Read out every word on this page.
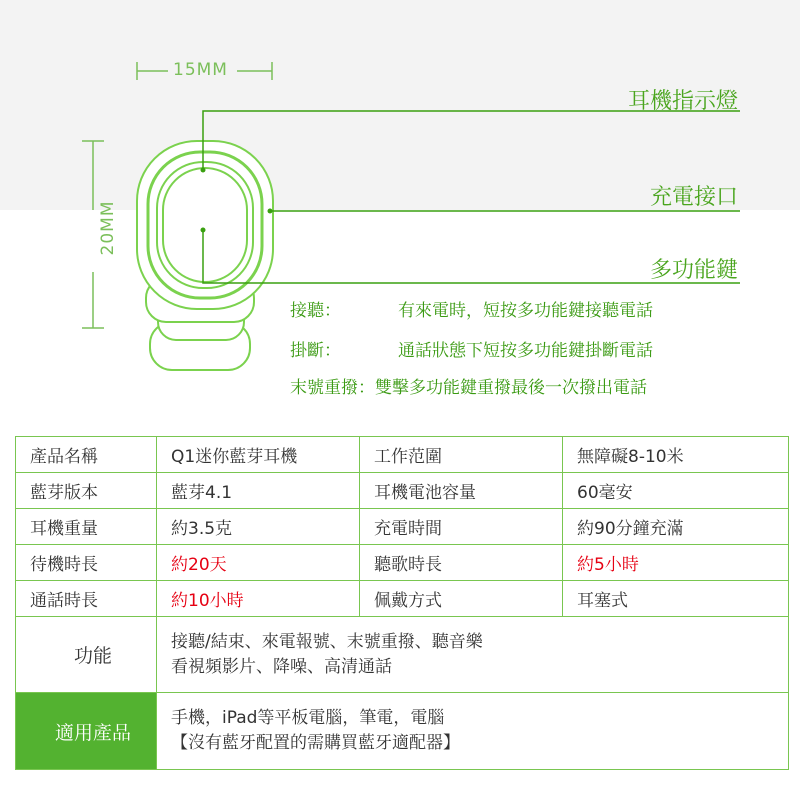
15MM
20MM
耳機指示燈
充電接口
多功能鍵
接聽：	有來電時，短按多功能鍵接聽電話
掛斷：	通話狀態下短按多功能鍵掛斷電話
末號重撥：雙擊多功能鍵重撥最後一次撥出電話
產品名稱	Q1迷你藍芽耳機	工作范圍	無障礙8-10米
藍芽版本	藍芽4.1	耳機電池容量	60毫安
耳機重量	約3.5克	充電時間	約90分鐘充滿
待機時長	約20天	聽歌時長	約5小時
通話時長	約10小時	佩戴方式	耳塞式
功能	接聽/結束、來電報號、末號重撥、聽音樂
看視頻影片、降噪、高清通話		

適用產品	手機，iPad等平板電腦，筆電，電腦
【沒有藍牙配置的需購買藍牙適配器】		
